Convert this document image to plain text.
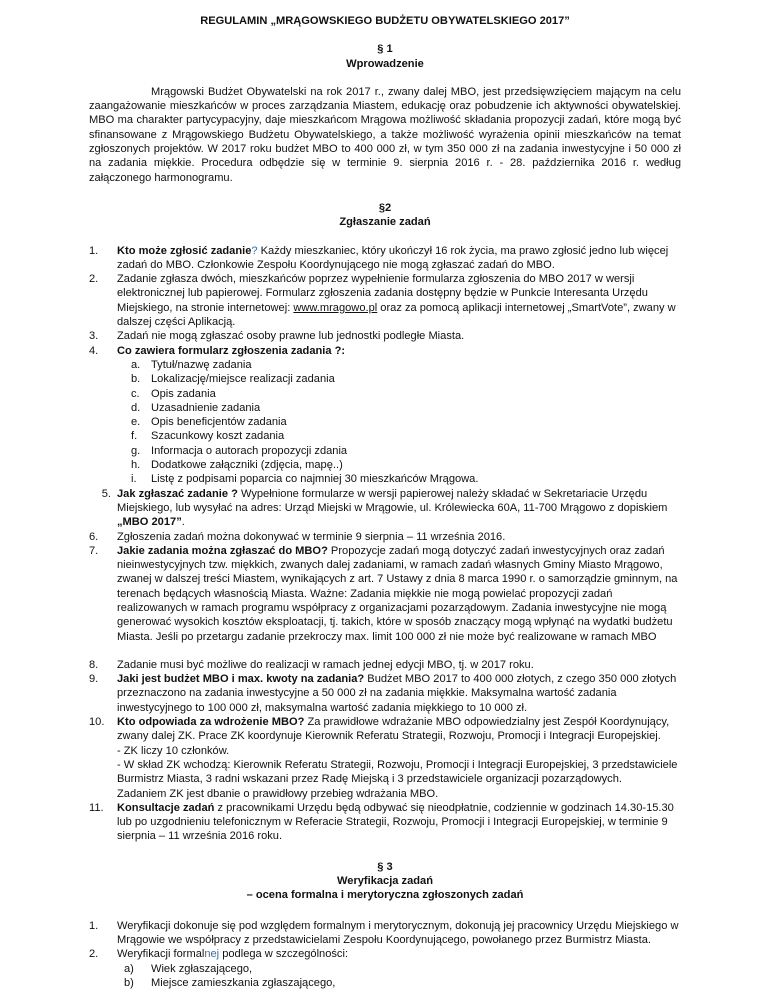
REGULAMIN „MRĄGOWSKIEGO BUDŻETU OBYWATELSKIEGO 2017”
§ 1
Wprowadzenie

Mrągowski Budżet Obywatelski na rok 2017 r., zwany dalej MBO, jest przedsięwzięciem mającym na celu zaangażowanie mieszkańców w proces zarządzania Miastem, edukację oraz pobudzenie ich aktywności obywatelskiej. MBO ma charakter partycypacyjny, daje mieszkańcom Mrągowa możliwość składania propozycji zadań, które mogą być sfinansowane z Mrągowskiego Budżetu Obywatelskiego, a także możliwość wyrażenia opinii mieszkańców na temat zgłoszonych projektów. W 2017 roku budżet MBO to 400 000 zł, w tym 350 000 zł na zadania inwestycyjne i 50 000 zł na zadania miękkie. Procedura odbędzie się w terminie 9. sierpnia 2016 r. - 28. października 2016 r. według załączonego harmonogramu.

§2
Zgłaszanie zadań
1. Kto może zgłosić zadanie? Każdy mieszkaniec, który ukończył 16 rok życia, ma prawo zgłosić jedno lub więcej zadań do MBO. Członkowie Zespołu Koordynującego nie mogą zgłaszać zadań do MBO.
2. Zadanie zgłasza dwóch, mieszkańców poprzez wypełnienie formularza zgłoszenia do MBO 2017 w wersji elektronicznej lub papierowej. Formularz zgłoszenia zadania dostępny będzie w Punkcie Interesanta Urzędu Miejskiego, na stronie internetowej: www.mragowo.pl oraz za pomocą aplikacji internetowej „SmartVote”, zwany w dalszej części Aplikacją.
3. Zadań nie mogą zgłaszać osoby prawne lub jednostki podległe Miasta.
4. Co zawiera formularz zgłoszenia zadania ?:
a. Tytuł/nazwę zadania
b. Lokalizację/miejsce realizacji zadania
c. Opis zadania
d. Uzasadnienie zadania
e. Opis beneficjentów zadania
f. Szacunkowy koszt zadania
g. Informacja o autorach propozycji zdania
h. Dodatkowe załączniki (zdjęcia, mapę..)
i. Listę z podpisami poparcia co najmniej 30 mieszkańców Mrągowa.
5. Jak zgłaszać zadanie ? Wypełnione formularze w wersji papierowej należy składać w Sekretariacie Urzędu Miejskiego, lub wysyłać na adres: Urząd Miejski w Mrągowie, ul. Królewiecka 60A, 11-700 Mrągowo z dopiskiem „MBO 2017”.
6. Zgłoszenia zadań można dokonywać w terminie 9 sierpnia – 11 września 2016.
7. Jakie zadania można zgłaszać do MBO? Propozycje zadań mogą dotyczyć zadań inwestycyjnych oraz zadań nieinwestycyjnych tzw. miękkich, zwanych dalej zadaniami, w ramach zadań własnych Gminy Miasto Mrągowo, zwanej w dalszej treści Miastem, wynikających z art. 7 Ustawy z dnia 8 marca 1990 r. o samorządzie gminnym, na terenach będących własnością Miasta. Ważne: Zadania miękkie nie mogą powielać propozycji zadań realizowanych w ramach programu współpracy z organizacjami pozarządowym. Zadania inwestycyjne nie mogą generować wysokich kosztów eksploatacji, tj. takich, które w sposób znaczący mogą wpłynąć na wydatki budżetu Miasta. Jeśli po przetargu zadanie przekroczy max. limit 100 000 zł nie może być realizowane w ramach MBO
8. Zadanie musi być możliwe do realizacji w ramach jednej edycji MBO, tj. w 2017 roku.
9. Jaki jest budżet MBO i max. kwoty na zadania? Budżet MBO 2017 to 400 000 złotych, z czego 350 000 złotych przeznaczono na zadania inwestycyjne a 50 000 zł na zadania miękkie. Maksymalna wartość zadania inwestycyjnego to 100 000 zł, maksymalna wartość zadania miękkiego to 10 000 zł.
10. Kto odpowiada za wdrożenie MBO? Za prawidłowe wdrażanie MBO odpowiedzialny jest Zespół Koordynujący, zwany dalej ZK. Prace ZK koordynuje Kierownik Referatu Strategii, Rozwoju, Promocji i Integracji Europejskiej.
- ZK liczy 10 członków.
- W skład ZK wchodzą: Kierownik Referatu Strategii, Rozwoju, Promocji i Integracji Europejskiej, 3 przedstawiciele Burmistrz Miasta, 3 radni wskazani przez Radę Miejską i 3 przedstawiciele organizacji pozarządowych.
Zadaniem ZK jest dbanie o prawidłowy przebieg wdrażania MBO.
11. Konsultacje zadań z pracownikami Urzędu będą odbywać się nieodpłatnie, codziennie w godzinach 14.30-15.30 lub po uzgodnieniu telefonicznym w Referacie Strategii, Rozwoju, Promocji i Integracji Europejskiej, w terminie 9 sierpnia – 11 września 2016 roku.
§ 3
Weryfikacja zadań
– ocena formalna i merytoryczna zgłoszonych zadań
1. Weryfikacji dokonuje się pod względem formalnym i merytorycznym, dokonują jej pracownicy Urzędu Miejskiego w Mrągowie we współpracy z przedstawicielami Zespołu Koordynującego, powołanego przez Burmistrz Miasta.
2. Weryfikacji formalnej podlega w szczególności:
a) Wiek zgłaszającego,
b) Miejsce zamieszkania zgłaszającego,
